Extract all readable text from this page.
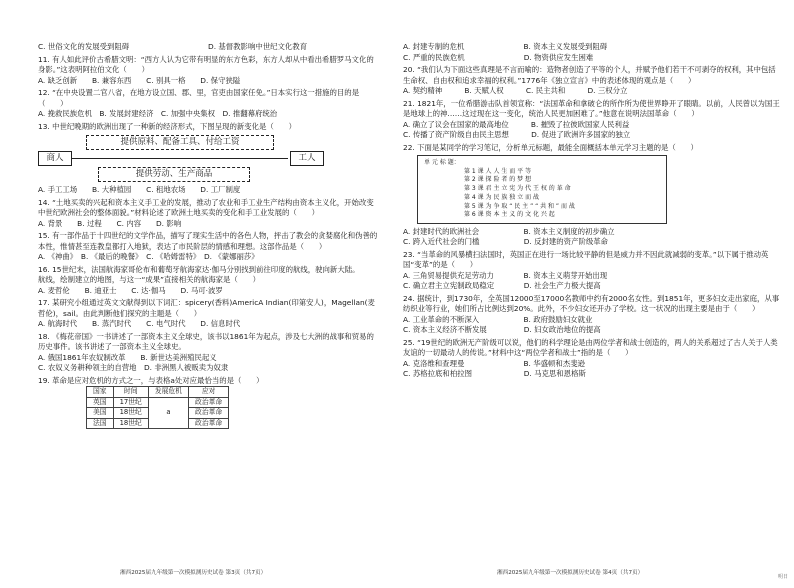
C. 世俗文化的发展受到阻碍	D. 基督教影响中世纪文化教育

11. 有人如此评价古希腊文明：“西方人认为它带有明显的东方色彩，东方人却从中看出希腊罗马文化的身影。”这表明阿拉伯文化（　　）

A. 缺乏创新　　B. 兼容东西　　C. 别具一格　　D. 保守狭隘

12. “在中央设置二官八省，在地方设立国、郡、里，官吏由国家任免。”日本实行这一措施的目的是（　　）

A. 挽救民族危机　B. 发展封建经济　C. 加强中央集权　D. 推翻幕府统治

13. 中世纪晚期的欧洲出现了一种新的经济形式，下图呈现的新变化是（　　）

提供原料、配备工具、付给工资
商人	工人
提供劳动、生产商品

A. 手工工场　　B. 大种植园　　C. 租地农场　　D. 工厂制度

14. “土地买卖的兴起和资本主义手工业的发展，推动了农业和手工业生产结构由资本主义化，开始改变中世纪欧洲社会的整体面貌。”材料论述了欧洲土地买卖的变化和手工业发展的（　　）

A. 背景　　B. 过程　　C. 内容　　D. 影响

15. 有一部作品于十四世纪的文学作品，描写了现实生活中的各色人物，抨击了教会的贪婪腐化和伪善的本性，惟情甚至连教皇都打入地狱，表达了市民阶层的情感和理想。这部作品是（　　）

A. 《神曲》　B. 《最后的晚餐》　C. 《哈姆雷特》　D. 《蒙娜丽莎》

16. 15世纪末，法国航海家哥伦布和葡萄牙航海家达·伽马分别找到前往印度的航线，驶向新大陆。

航线，绘制建立的地图，与这一“成果”直接相关的航海家是（　　）

A. 麦哲伦　　B. 迪亚士　　C. 达·伽马　　D. 马可·波罗

17. 某研究小组通过英文文献得到以下词汇：spicery(香料)AmericA Indian(印第安人)，Magellan(麦哲伦)，sail。由此判断他们探究的主题是（　　）

A. 航海时代　　B. 蒸汽时代　　C. 电气时代　　D. 信息时代

18. 《梅花帝国》一书讲述了一部资本主义全球史，该书以1861年为起点，涉及七大洲的战事和贸易的历史事件。该书讲述了一部资本主义全球史。

A. 俄国1861年农奴制改革　　B. 新世达美洲殖民起义

C. 农奴义务耕种领主的自营地　D. 非洲黑人被贩卖为奴隶

19. 革命是应对危机的方式之一，与表格a处对应最恰当的是（　　）

国家	时间	发展危机	应对
英国	17世纪	a	政治革命
美国	18世纪		政治革命
法国	18世纪		政治革命
湘西2025届九年级第一次模拟测历史试卷 第3页（共7页）

A. 封建专制的危机　　　　　　　　B. 资本主义发展受到阻碍

C. 严重的民族危机　　　　　　　　D. 物资供应发生困难

20. “我们认为下面这些真理是不言而喻的：造物者创造了平等的个人，并赋予他们若干不可剥夺的权利，其中包括生命权、自由权和追求幸福的权利。”1776年《独立宣言》中的表述体现的观点是（　　）

A. 契约精神　　　B. 天赋人权　　　C. 民主共和　　　D. 三权分立

21. 1821年，一位希腊游击队首领宣称：“法国革命和拿破仑的所作所为使世界睁开了眼睛。以前，人民曾以为国王是地球上的神……这过现在这一变化，统治人民更加困难了。”他意在说明法国革命（　　）

A. 确立了议会在国家的最高地位　　　B. 摧毁了拉彼欧国家人民利益

C. 传播了资产阶级自由民主思想　　　D. 促进了欧洲许多国家的独立

22. 下面是某同学的学习笔记，分析单元标题，最能全面概括本单元学习主题的是（　　）

单 元 标 题：
第 1 课 人 人 生 而 平 等
第 2 课 探 险 者 的 梦 想
第 3 课 君 主 立 宪 为 代 王 权 的 革 命
第 4 课 为 民 族 独 立 而 战
第 5 课 为 争 取 “ 民 主 ” “ 共 和 ” 而 战
第 6 课 资 本 主 义 的 文 化 兴 起

A. 封建时代的欧洲社会　　　　　　B. 资本主义制度的初步确立

C. 跨入近代社会的门槛　　　　　　D. 反封建的资产阶级革命

23. “当革命的风暴横扫法国时，英国正在进行一场比较平静的但是威力并不因此就减弱的变革。”以下属于推动英国“变革”的是（　　）

A. 三角贸易提供充足劳动力　　　　B. 资本主义萌芽开始出现

C. 确立君主立宪制政局稳定　　　　D. 社会生产力极大提高

24. 据统计，到1730年，全英国12000至17000名教师中约有2000名女性。到1851年，更多妇女走出家庭，从事纺织业等行业，她们所占比例达到20%。此外，不少妇女还开办了学校。这一状况的出现主要是由于（　　）

A. 工业革命的不断深入　　　　　　B. 政府鼓励妇女就业

C. 资本主义经济不断发展　　　　　D. 妇女政治地位的提高

25. “19世纪的欧洲无产阶级可以说，他们的科学理论是由两位学者和战士创造的，两人的关系超过了古人关于人类友谊的一切最动人的传说。”材料中这“两位学者和战士”指的是（　　）

A. 克洛维和查理曼　　　　　　　　B. 华盛顿和杰斐逊

C. 苏格拉底和柏拉图　　　　　　　D. 马克思和恩格斯

湘西2025届九年级第一次模拟测历史试卷 第4页（共7页）
明日
